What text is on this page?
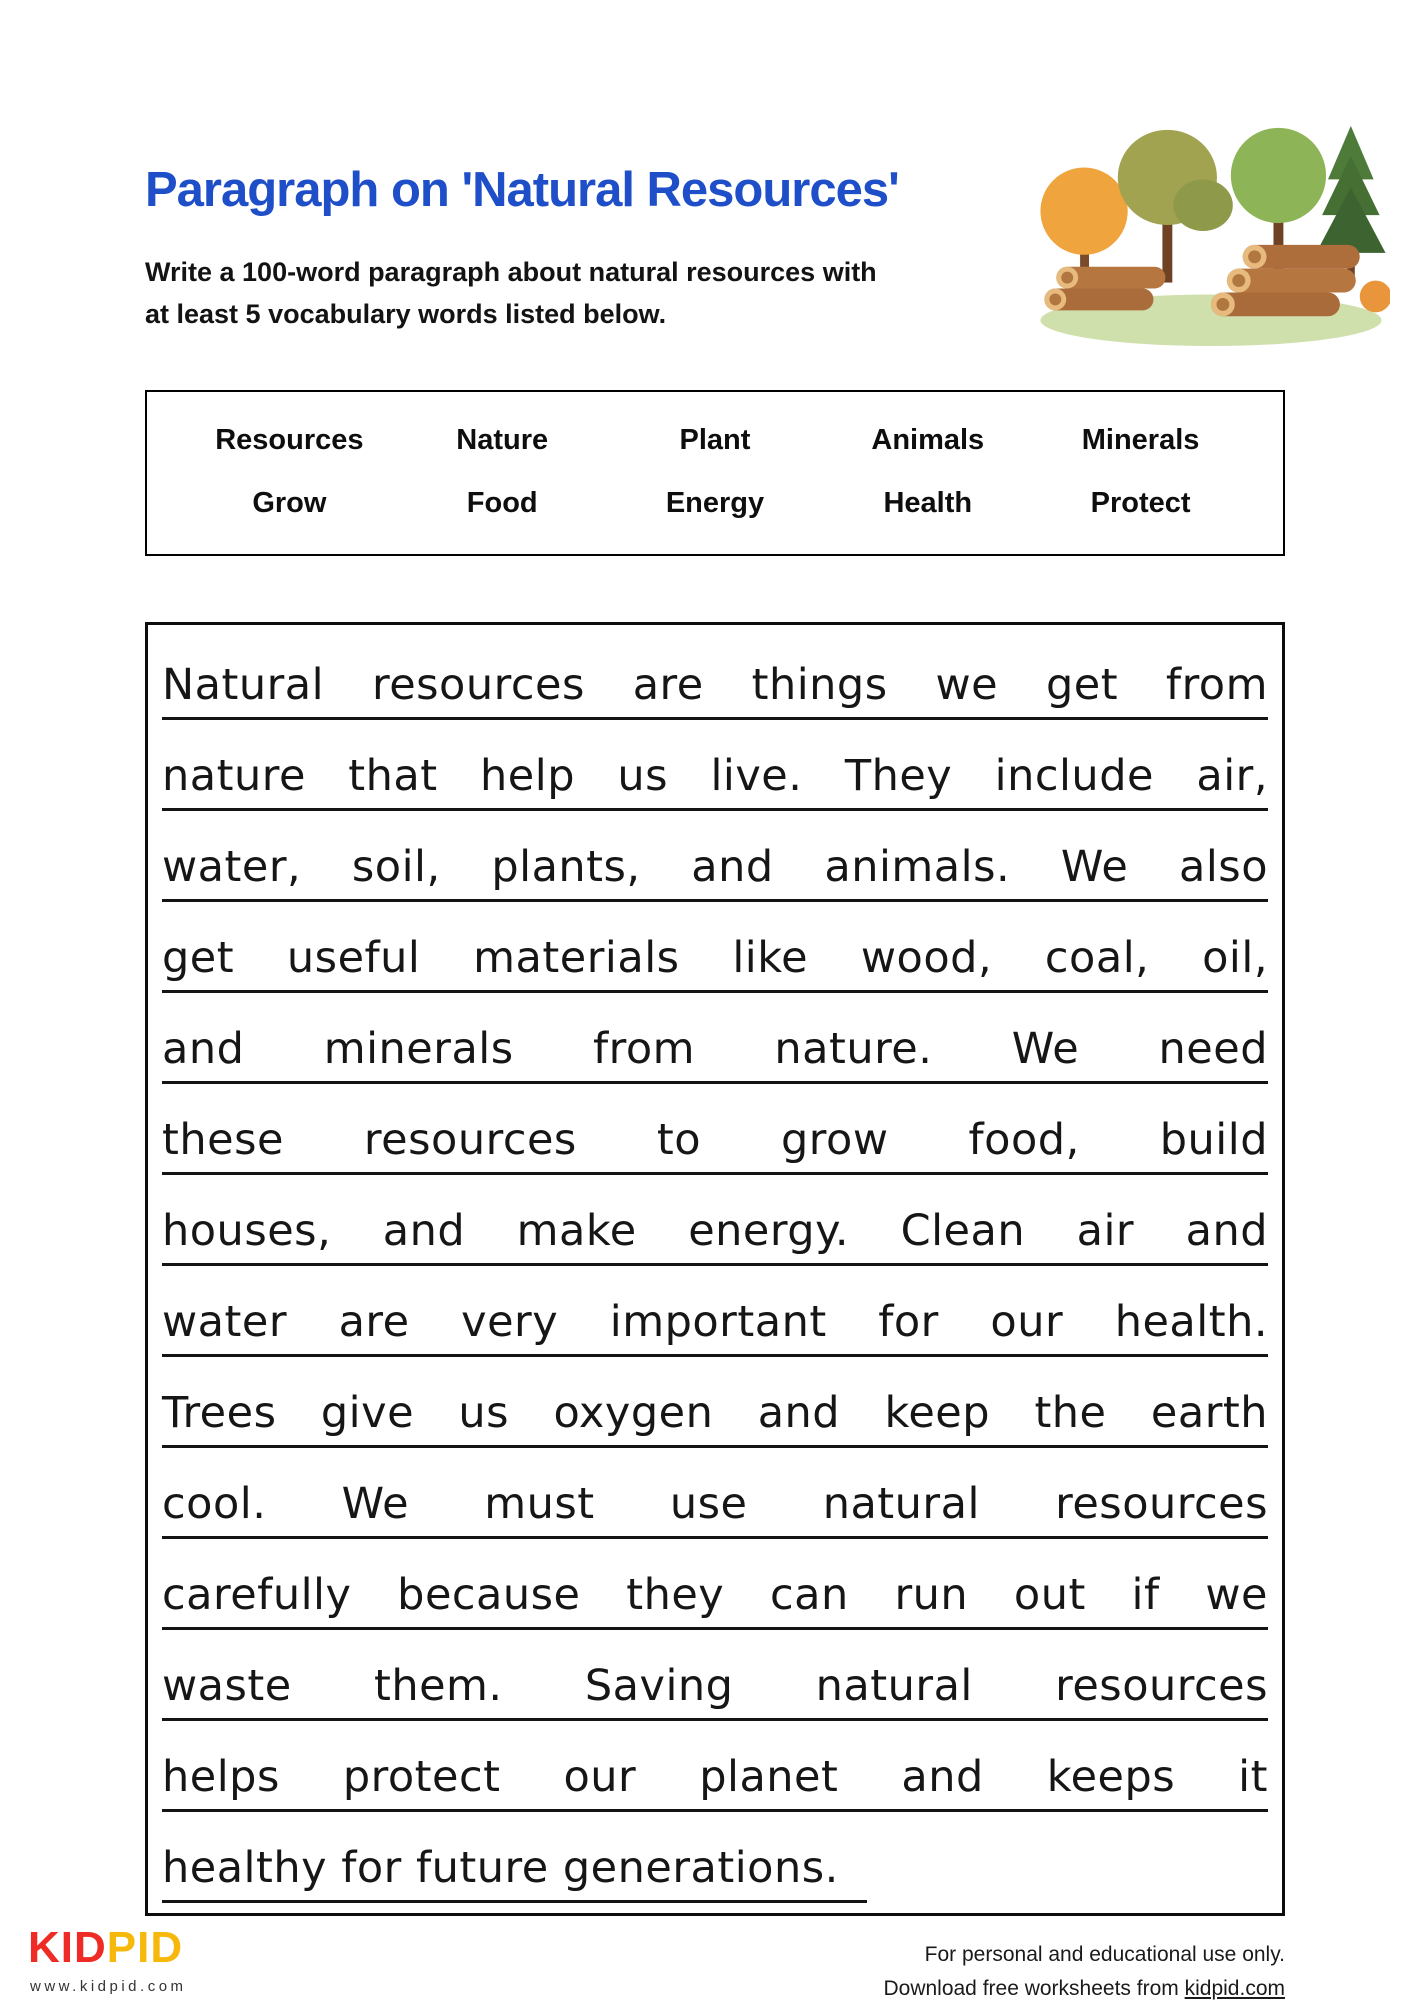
Paragraph on 'Natural Resources'
Write a 100-word paragraph about natural resources with
at least 5 vocabulary words listed below.
Resources	Nature	Plant	Animals	Minerals
Grow	Food	Energy	Health	Protect
Natural resources are things we get from
nature that help us live. They include air,
water, soil, plants, and animals. We also
get useful materials like wood, coal, oil,
and minerals from nature. We need
these resources to grow food, build
houses, and make energy. Clean air and
water are very important for our health.
Trees give us oxygen and keep the earth
cool. We must use natural resources
carefully because they can run out if we
waste them. Saving natural resources
helps protect our planet and keeps it
healthy for future generations.
KIDPID
www.kidpid.com
For personal and educational use only.
Download free worksheets from kidpid.com
